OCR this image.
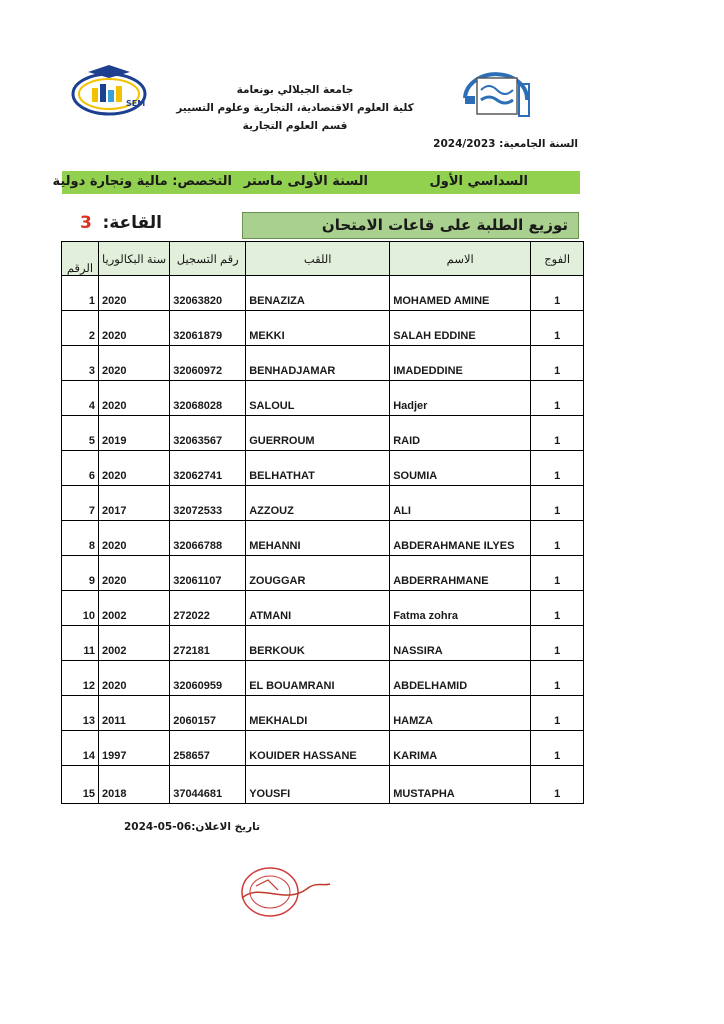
SEM
جامعة الجيلالي بونعامة
كلية العلوم الاقتصادية، التجارية وعلوم التسيير
قسم العلوم التجارية
السنة الجامعية: 2024/2023
السداسي الأول
السنة الأولى ماستر
التخصص: مالية وتجارة دولية
توزيع الطلبة على قاعات الامتحان
القاعة:
3
الرقم	سنة البكالوريا	رقم التسجيل	اللقب	الاسم	الفوج
1	2020	32063820	BENAZIZA	MOHAMED AMINE	1
2	2020	32061879	MEKKI	SALAH EDDINE	1
3	2020	32060972	BENHADJAMAR	IMADEDDINE	1
4	2020	32068028	SALOUL	Hadjer	1
5	2019	32063567	GUERROUM	RAID	1
6	2020	32062741	BELHATHAT	SOUMIA	1
7	2017	32072533	AZZOUZ	ALI	1
8	2020	32066788	MEHANNI	ABDERAHMANE ILYES	1
9	2020	32061107	ZOUGGAR	ABDERRAHMANE	1
10	2002	272022	ATMANI	Fatma zohra	1
11	2002	272181	BERKOUK	NASSIRA	1
12	2020	32060959	EL BOUAMRANI	ABDELHAMID	1
13	2011	2060157	MEKHALDI	HAMZA	1
14	1997	258657	KOUIDER HASSANE	KARIMA	1
15	2018	37044681	YOUSFI	MUSTAPHA	1
تاريخ الاعلان:06-05-2024
